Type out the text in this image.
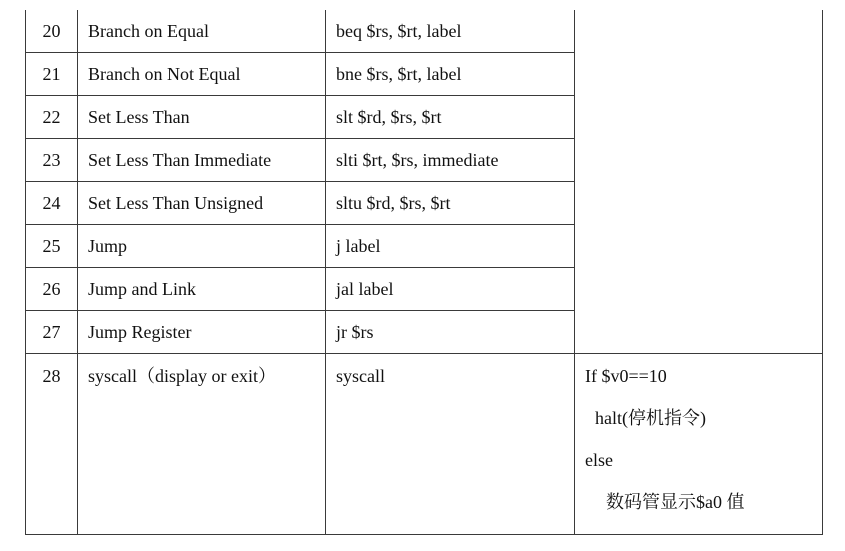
20	Branch on Equal	beq $rs, $rt, label	
21	Branch on Not Equal	bne $rs, $rt, label	
22	Set Less Than	slt $rd, $rs, $rt	
23	Set Less Than Immediate	slti $rt, $rs, immediate	
24	Set Less Than Unsigned	sltu $rd, $rs, $rt	
25	Jump	j label	
26	Jump and Link	jal label	
27	Jump Register	jr $rs	
28	syscall（display or exit）	syscall	If $v0==10
halt(停机指令)
else
数码管显示$a0 值
